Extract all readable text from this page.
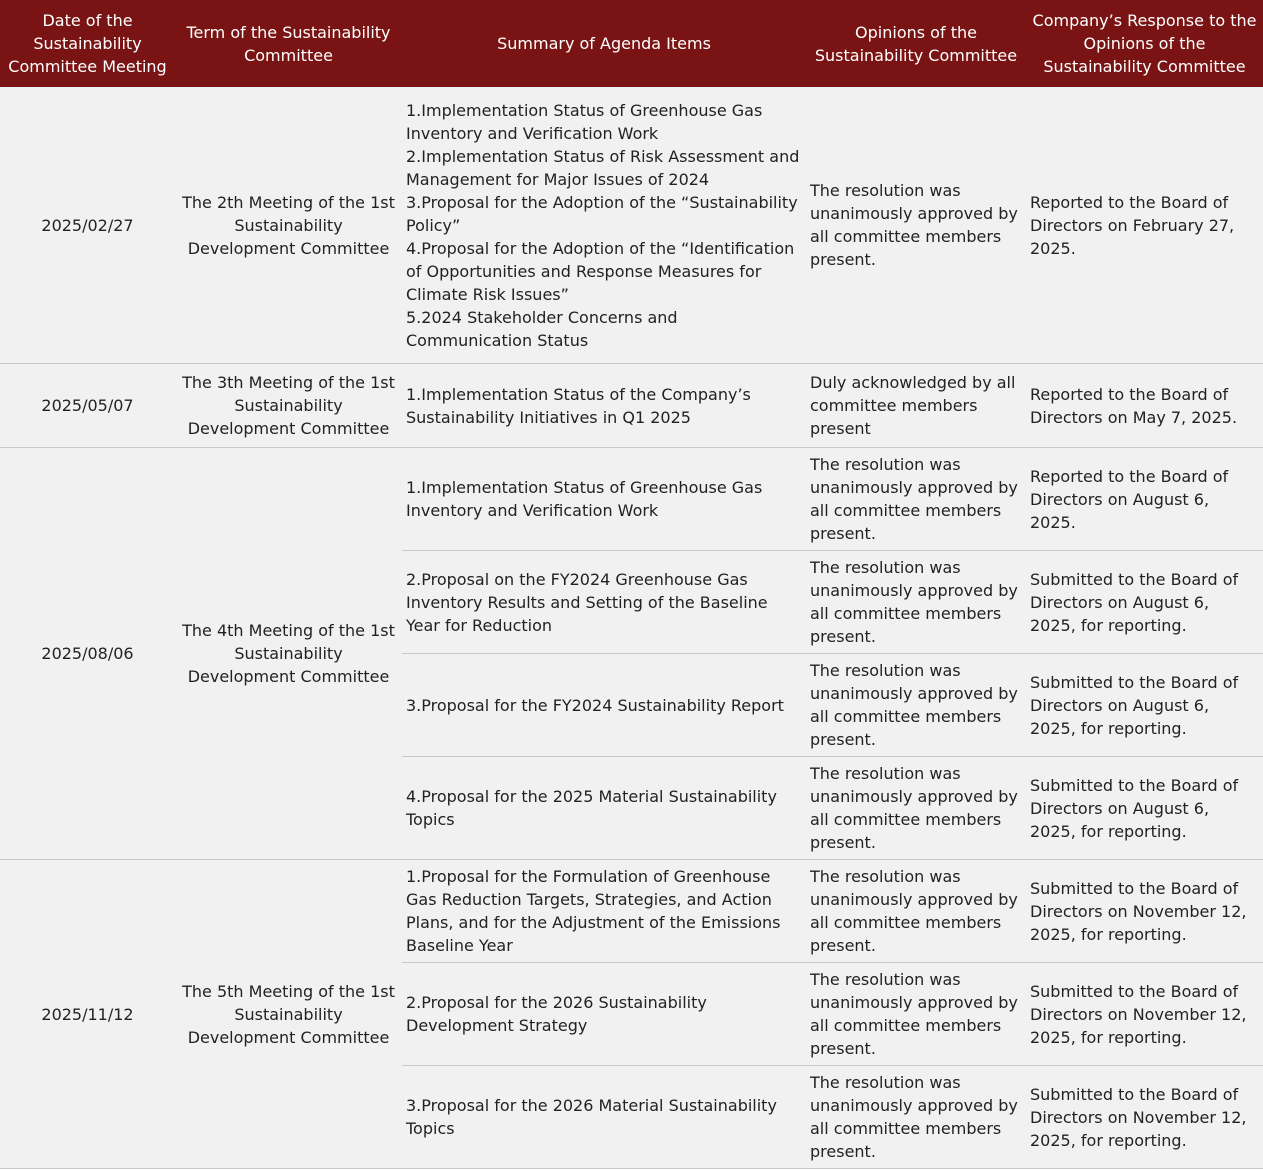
Date of the Sustainability Committee Meeting	Term of the Sustainability Committee	Summary of Agenda Items	Opinions of the Sustainability Committee	Company’s Response to the Opinions of the Sustainability Committee
2025/02/27	The 2th Meeting of the 1st Sustainability Development Committee	1.Implementation Status of Greenhouse Gas Inventory and Verification Work
2.Implementation Status of Risk Assessment and Management for Major Issues of 2024
3.Proposal for the Adoption of the “Sustainability Policy”
4.Proposal for the Adoption of the “Identification of Opportunities and Response Measures for Climate Risk Issues”
5.2024 Stakeholder Concerns and Communication Status	The resolution was unanimously approved by all committee members present.	Reported to the Board of Directors on February 27, 2025.
2025/05/07	The 3th Meeting of the 1st Sustainability Development Committee	1.Implementation Status of the Company’s Sustainability Initiatives in Q1 2025	Duly acknowledged by all committee members present	Reported to the Board of Directors on May 7, 2025.
2025/08/06	The 4th Meeting of the 1st Sustainability Development Committee	1.Implementation Status of Greenhouse Gas Inventory and Verification Work	The resolution was unanimously approved by all committee members present.	Reported to the Board of Directors on August 6, 2025.
		2.Proposal on the FY2024 Greenhouse Gas Inventory Results and Setting of the Baseline Year for Reduction	The resolution was unanimously approved by all committee members present.	Submitted to the Board of Directors on August 6, 2025, for reporting.
		3.Proposal for the FY2024 Sustainability Report	The resolution was unanimously approved by all committee members present.	Submitted to the Board of Directors on August 6, 2025, for reporting.
		4.Proposal for the 2025 Material Sustainability Topics	The resolution was unanimously approved by all committee members present.	Submitted to the Board of Directors on August 6, 2025, for reporting.
2025/11/12	The 5th Meeting of the 1st Sustainability Development Committee	1.Proposal for the Formulation of Greenhouse Gas Reduction Targets, Strategies, and Action Plans, and for the Adjustment of the Emissions Baseline Year	The resolution was unanimously approved by all committee members present.	Submitted to the Board of Directors on November 12, 2025, for reporting.
		2.Proposal for the 2026 Sustainability Development Strategy	The resolution was unanimously approved by all committee members present.	Submitted to the Board of Directors on November 12, 2025, for reporting.
		3.Proposal for the 2026 Material Sustainability Topics	The resolution was unanimously approved by all committee members present.	Submitted to the Board of Directors on November 12, 2025, for reporting.
